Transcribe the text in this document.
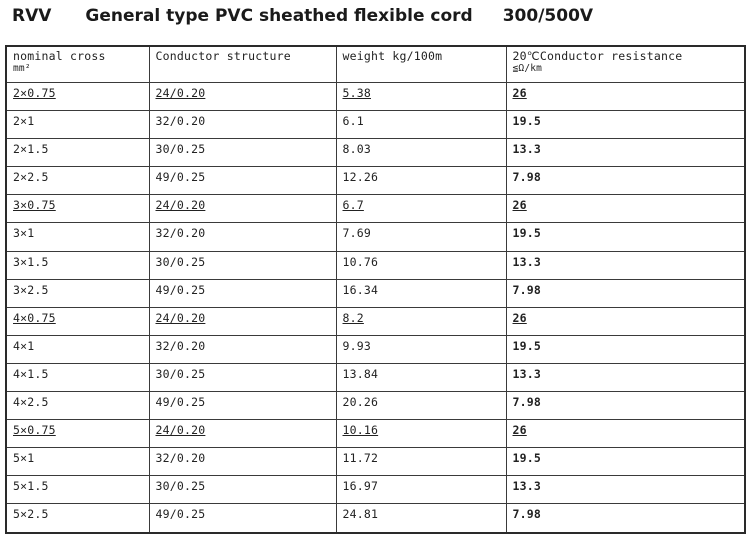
RVV General type PVC sheathed flexible cord 300/500V
nominal cross
mm²	Conductor structure	weight kg/100m	20℃Conductor resistance
≦Ω/km

2×0.75	24/0.20	5.38	26
2×1	32/0.20	6.1	19.5
2×1.5	30/0.25	8.03	13.3
2×2.5	49/0.25	12.26	7.98
3×0.75	24/0.20	6.7	26
3×1	32/0.20	7.69	19.5
3×1.5	30/0.25	10.76	13.3
3×2.5	49/0.25	16.34	7.98
4×0.75	24/0.20	8.2	26
4×1	32/0.20	9.93	19.5
4×1.5	30/0.25	13.84	13.3
4×2.5	49/0.25	20.26	7.98
5×0.75	24/0.20	10.16	26
5×1	32/0.20	11.72	19.5
5×1.5	30/0.25	16.97	13.3
5×2.5	49/0.25	24.81	7.98
